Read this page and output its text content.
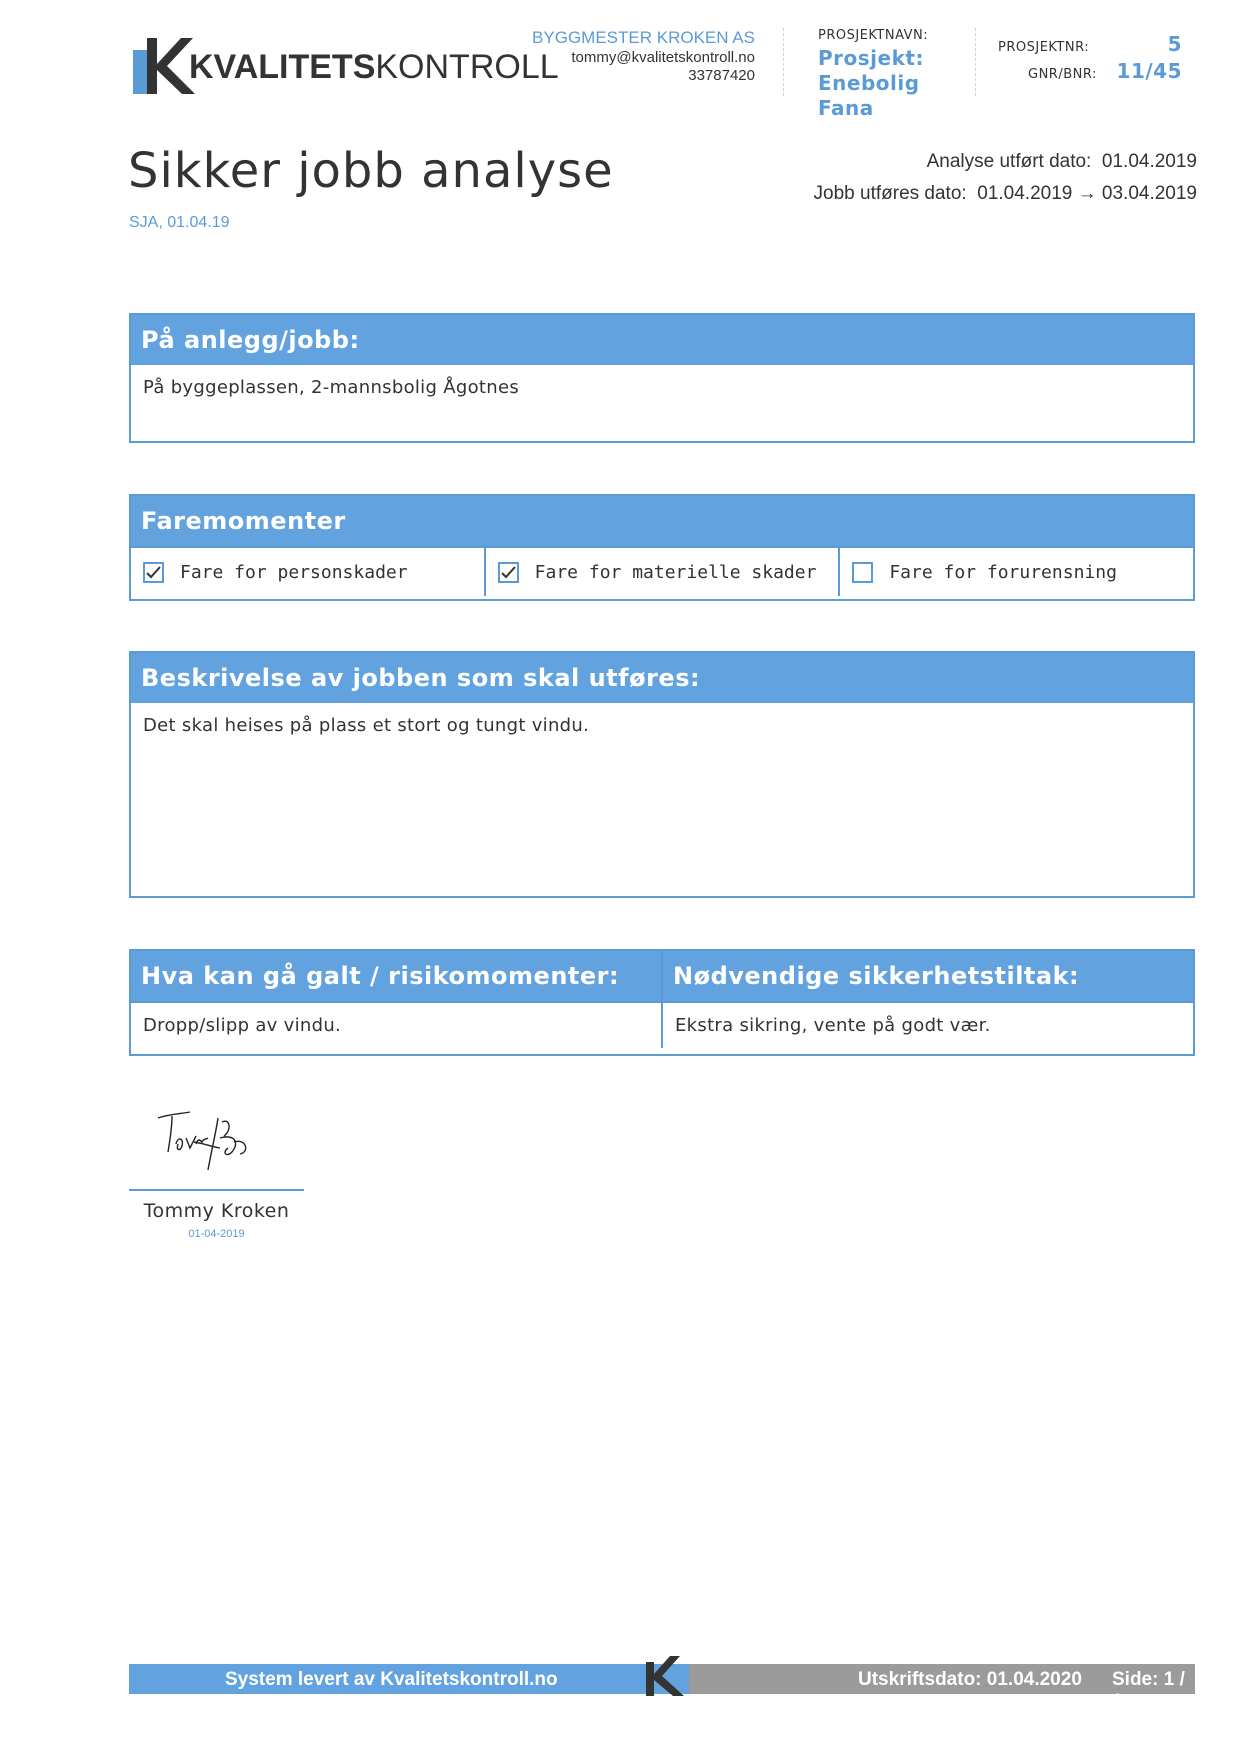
KVALITETSKONTROLL
BYGGMESTER KROKEN AS
tommy@kvalitetskontroll.no
33787420
PROSJEKTNAVN:
Prosjekt:
Enebolig
Fana
PROSJEKTNR:	5
GNR/BNR: 11/45
Sikker jobb analyse
SJA, 01.04.19
Analyse utført dato: 01.04.2019
Jobb utføres dato: 01.04.2019 → 03.04.2019
På anlegg/jobb:
På byggeplassen, 2-mannsbolig Ågotnes
Faremomenter
Fare for personskader	Fare for materielle skader	Fare for forurensning
Beskrivelse av jobben som skal utføres:
Det skal heises på plass et stort og tungt vindu.
Hva kan gå galt / risikomomenter:
Dropp/slipp av vindu.
Nødvendige sikkerhetstiltak:
Ekstra sikring, vente på godt vær.
Tommy Kroken
01-04-2019
System levert av Kvalitetskontroll.no	Utskriftsdato: 01.04.2020 Side: 1 / 1
